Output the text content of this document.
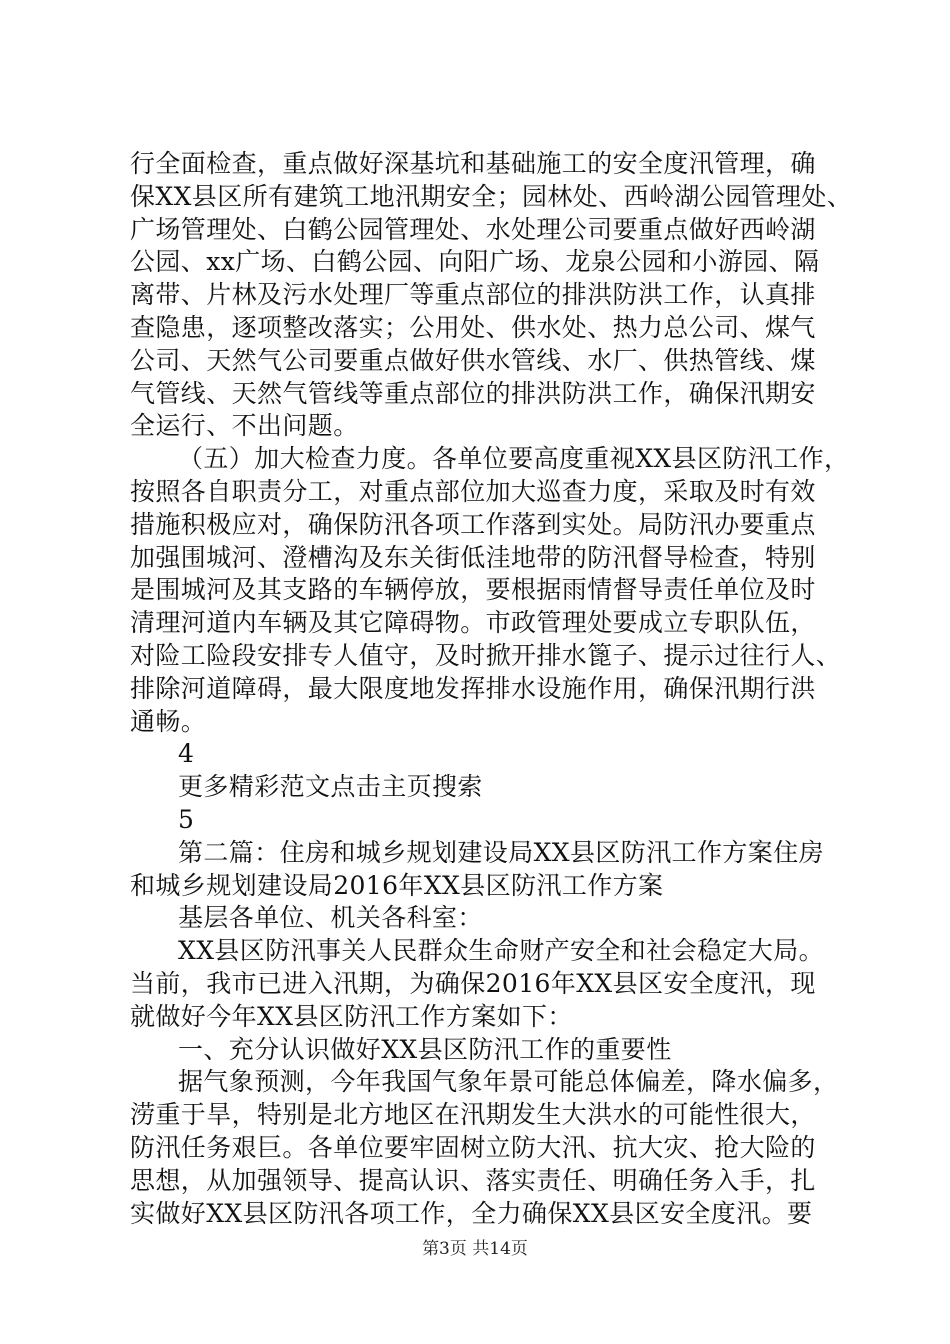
行全面检查，重点做好深基坑和基础施工的安全度汛管理，确
保XX县区所有建筑工地汛期安全；园林处、西岭湖公园管理处、
广场管理处、白鹤公园管理处、水处理公司要重点做好西岭湖
公园、xx广场、白鹤公园、向阳广场、龙泉公园和小游园、隔
离带、片林及污水处理厂等重点部位的排洪防洪工作，认真排
查隐患，逐项整改落实；公用处、供水处、热力总公司、煤气
公司、天然气公司要重点做好供水管线、水厂、供热管线、煤
气管线、天然气管线等重点部位的排洪防洪工作，确保汛期安
全运行、不出问题。
（五）加大检查力度。各单位要高度重视XX县区防汛工作，
按照各自职责分工，对重点部位加大巡查力度，采取及时有效
措施积极应对，确保防汛各项工作落到实处。局防汛办要重点
加强围城河、澄槽沟及东关街低洼地带的防汛督导检查，特别
是围城河及其支路的车辆停放，要根据雨情督导责任单位及时
清理河道内车辆及其它障碍物。市政管理处要成立专职队伍，
对险工险段安排专人值守，及时掀开排水篦子、提示过往行人、
排除河道障碍，最大限度地发挥排水设施作用，确保汛期行洪
通畅。
4
更多精彩范文点击主页搜索
5
第二篇：住房和城乡规划建设局XX县区防汛工作方案住房
和城乡规划建设局2016年XX县区防汛工作方案
基层各单位、机关各科室：
XX县区防汛事关人民群众生命财产安全和社会稳定大局。
当前，我市已进入汛期，为确保2016年XX县区安全度汛，现
就做好今年XX县区防汛工作方案如下：
一、充分认识做好XX县区防汛工作的重要性
据气象预测，今年我国气象年景可能总体偏差，降水偏多，
涝重于旱，特别是北方地区在汛期发生大洪水的可能性很大，
防汛任务艰巨。各单位要牢固树立防大汛、抗大灾、抢大险的
思想，从加强领导、提高认识、落实责任、明确任务入手，扎
实做好XX县区防汛各项工作，全力确保XX县区安全度汛。要
第3页 共14页
